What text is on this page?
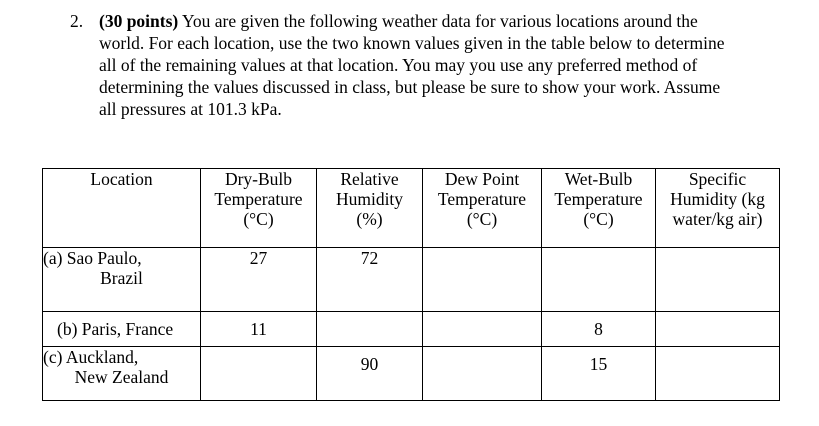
2. (30 points) You are given the following weather data for various locations around the
world. For each location, use the two known values given in the table below to determine
all of the remaining values at that location. You may you use any preferred method of
determining the values discussed in class, but please be sure to show your work. Assume
all pressures at 101.3 kPa.
Location	Dry-Bulb
Temperature
(°C)	Relative
Humidity
(%)	Dew Point
Temperature
(°C)	Wet-Bulb
Temperature
(°C)	Specific
Humidity (kg
water/kg air)

(a) Sao Paulo,
Brazil	27	72			
(b) Paris, France	11			8	
(c) Auckland,
New Zealand		90		15	
